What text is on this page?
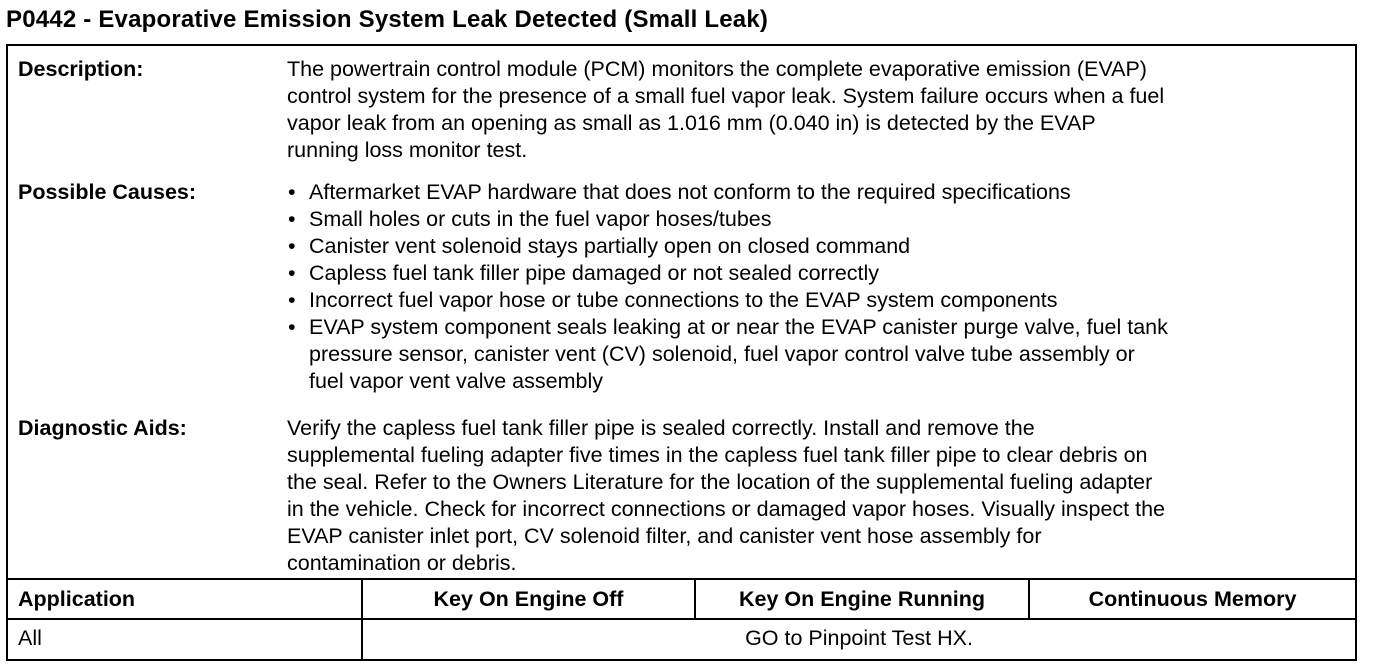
P0442 - Evaporative Emission System Leak Detected (Small Leak)
Description:	The powertrain control module (PCM) monitors the complete evaporative emission (EVAP)
control system for the presence of a small fuel vapor leak. System failure occurs when a fuel
vapor leak from an opening as small as 1.016 mm (0.040 in) is detected by the EVAP
running loss monitor test.
Possible Causes:	• Aftermarket EVAP hardware that does not conform to the required specifications
• Small holes or cuts in the fuel vapor hoses/tubes
• Canister vent solenoid stays partially open on closed command
• Capless fuel tank filler pipe damaged or not sealed correctly
• Incorrect fuel vapor hose or tube connections to the EVAP system components
• EVAP system component seals leaking at or near the EVAP canister purge valve, fuel tank
pressure sensor, canister vent (CV) solenoid, fuel vapor control valve tube assembly or
fuel vapor vent valve assembly
Diagnostic Aids:	Verify the capless fuel tank filler pipe is sealed correctly. Install and remove the
supplemental fueling adapter five times in the capless fuel tank filler pipe to clear debris on
the seal. Refer to the Owners Literature for the location of the supplemental fueling adapter
in the vehicle. Check for incorrect connections or damaged vapor hoses. Visually inspect the
EVAP canister inlet port, CV solenoid filter, and canister vent hose assembly for
contamination or debris.
Application	Key On Engine Off	Key On Engine Running	Continuous Memory
All	GO to Pinpoint Test HX.
